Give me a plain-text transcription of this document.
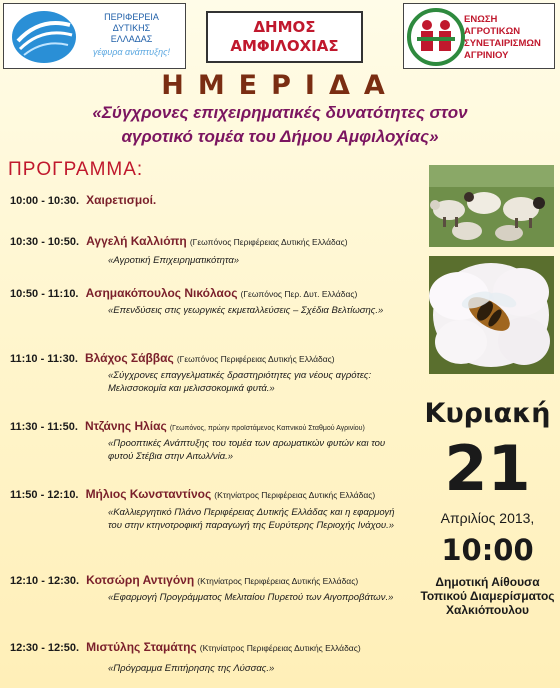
ΠΕΡΙΦΕΡΕΙΑ
ΔΥΤΙΚΗΣ
ΕΛΛΑΔΑΣ
γέφυρα ανάπτυξης!
ΔΗΜΟΣ
ΑΜΦΙΛΟΧΙΑΣ
ΕΝΩΣΗ
ΑΓΡΟΤΙΚΩΝ
ΣΥΝΕΤΑΙΡΙΣΜΩΝ
ΑΓΡΙΝΙΟΥ
ΗΜΕΡΙΔΑ
«Σύγχρονες επιχειρηματικές δυνατότητες στον
αγροτικό τομέα του Δήμου Αμφιλοχίας»
ΠΡΟΓΡΑΜΜΑ:
10:00 - 10:30. Χαιρετισμοί.
10:30 - 10:50. Αγγελή Καλλιόπη (Γεωπόνος Περιφέρειας Δυτικής Ελλάδας)
«Αγροτική Επιχειρηματικότητα»
10:50 - 11:10. Ασημακόπουλος Νικόλαος (Γεωπόνος Περ. Δυτ. Ελλάδας)
«Επενδύσεις στις γεωργικές εκμεταλλεύσεις – Σχέδια Βελτίωσης.»
11:10 - 11:30. Βλάχος Σάββας (Γεωπόνος Περιφέρειας Δυτικής Ελλάδας)
«Σύγχρονες επαγγελματικές δραστηριότητες για νέους αγρότες: Μελισσοκομία και μελισσοκομικά φυτά.»
11:30 - 11:50. Ντζάνης Ηλίας (Γεωπόνος, πρώην προϊστάμενος Καπνικού Σταθμού Αγρινίου)
«Προοπτικές Ανάπτυξης του τομέα των αρωματικών φυτών και του φυτού Στέβια στην Αιτωλ/νία.»
11:50 - 12:10. Μήλιος Κωνσταντίνος (Κτηνίατρος Περιφέρειας Δυτικής Ελλάδας)
«Καλλιεργητικό Πλάνο Περιφέρειας Δυτικής Ελλάδας και η εφαρμογή του στην κτηνοτροφική παραγωγή της Ευρύτερης Περιοχής Ινάχου.»
12:10 - 12:30. Κοτσώρη Αντιγόνη (Κτηνίατρος Περιφέρειας Δυτικής Ελλάδας)
«Εφαρμογή Προγράμματος Μελιταίου Πυρετού των Αιγοπροβάτων.»
12:30 - 12:50. Μιστύλης Σταμάτης (Κτηνίατρος Περιφέρειας Δυτικής Ελλάδας)
«Πρόγραμμα Επιτήρησης της Λύσσας.»
Κυριακή
21
Απριλίος 2013,
10:00
Δημοτική Αίθουσα
Τοπικού Διαμερίσματος
Χαλκιόπουλου
